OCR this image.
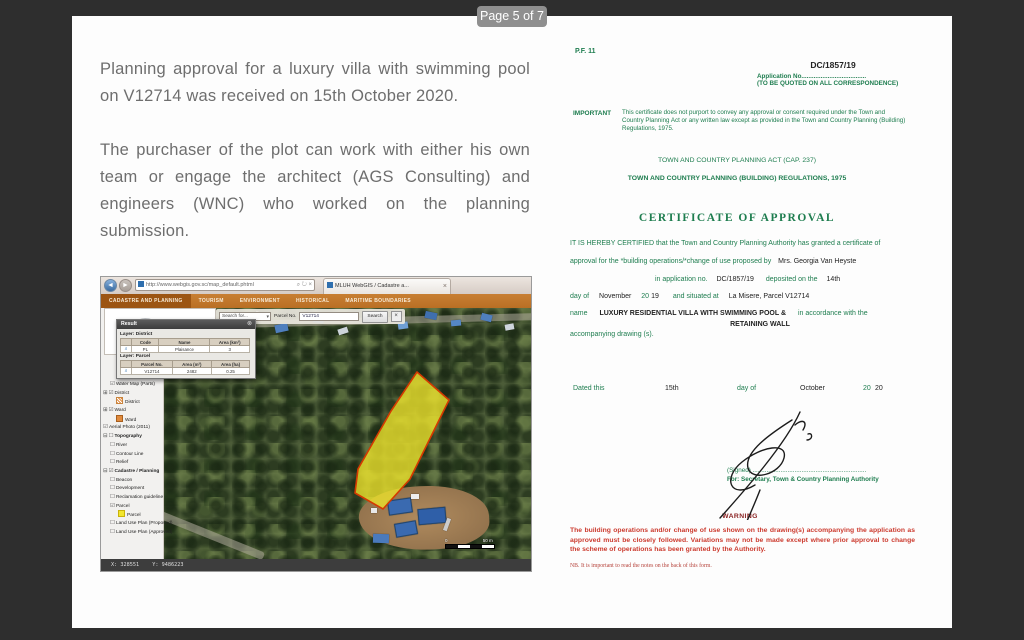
Page 5 of 7

Planning approval for a luxury villa with swimming pool on V12714 was received on 15th October 2020.

The purchaser of the plot can work with either his own team or engage the architect (AGS Consulting) and engineers (WNC) who worked on the planning submission.

◄	►	http://www.webgis.gov.sc/map_default.phtml	⌕ ↻ ×	MLUH WebGIS / Cadastre a...	×
CADASTRE AND PLANNING	TOURISM	ENVIRONMENT	HISTORICAL	MARITIME BOUNDARIES
0	50 m
☑Water Map (Parts)
⊞☑District
District
⊞☑Ward
Ward
☑Aerial Photo (2011)
⊟☐Topography
☐River
☐Contour Line
☐Relief
⊟☑Cadastre / Planning
☐Beacon
☐Development
☐Reclamation guideline
☑Parcel
Parcel
☐Land Use Plan (Proposed)
☐Land Use Plan (Approved)
Search for...	▾ Parcel No.	V12714	Search	×
Result	⊗
Layer: District
	Code	Name	Area (km²)
⌕	PL	Plaisance	3
Layer: Parcel
	Parcel No.	Area (m²)	Area (ha)
⌕	V12714	2482	0.25
X: 328551	Y: 9486223
P.F. 11
DC/1857/19
Application No.....................................
(TO BE QUOTED ON ALL CORRESPONDENCE)
IMPORTANT This certificate does not purport to convey any approval or consent required under the Town and Country Planning Act or any written law except as provided in the Town and Country Planning (Building) Regulations, 1975.
TOWN AND COUNTRY PLANNING ACT (CAP. 237)
TOWN AND COUNTRY PLANNING (BUILDING) REGULATIONS, 1975
CERTIFICATE OF APPROVAL
IT IS HEREBY CERTIFIED that the Town and Country Planning Authority has granted a certificate of
approval for the *building operations/*change of use proposed by Mrs. Georgia Van Heyste
in application no. DC/1857/19 deposited on the 14th
day of November 20 19 and situated at La Misere, Parcel V12714
name LUXURY RESIDENTIAL VILLA WITH SWIMMING POOL & in accordance with the
RETAINING WALL
accompanying drawing (s).
Dated this	15th	day of	October	20 20
(Signed) .................................................................
For: Secretary, Town & Country Planning Authority
WARNING
The building operations and/or change of use shown on the drawing(s) accompanying the application as approved must be closely followed. Variations may not be made except where prior approval to change the scheme of operations has been granted by the Authority.
NB. It is important to read the notes on the back of this form.
